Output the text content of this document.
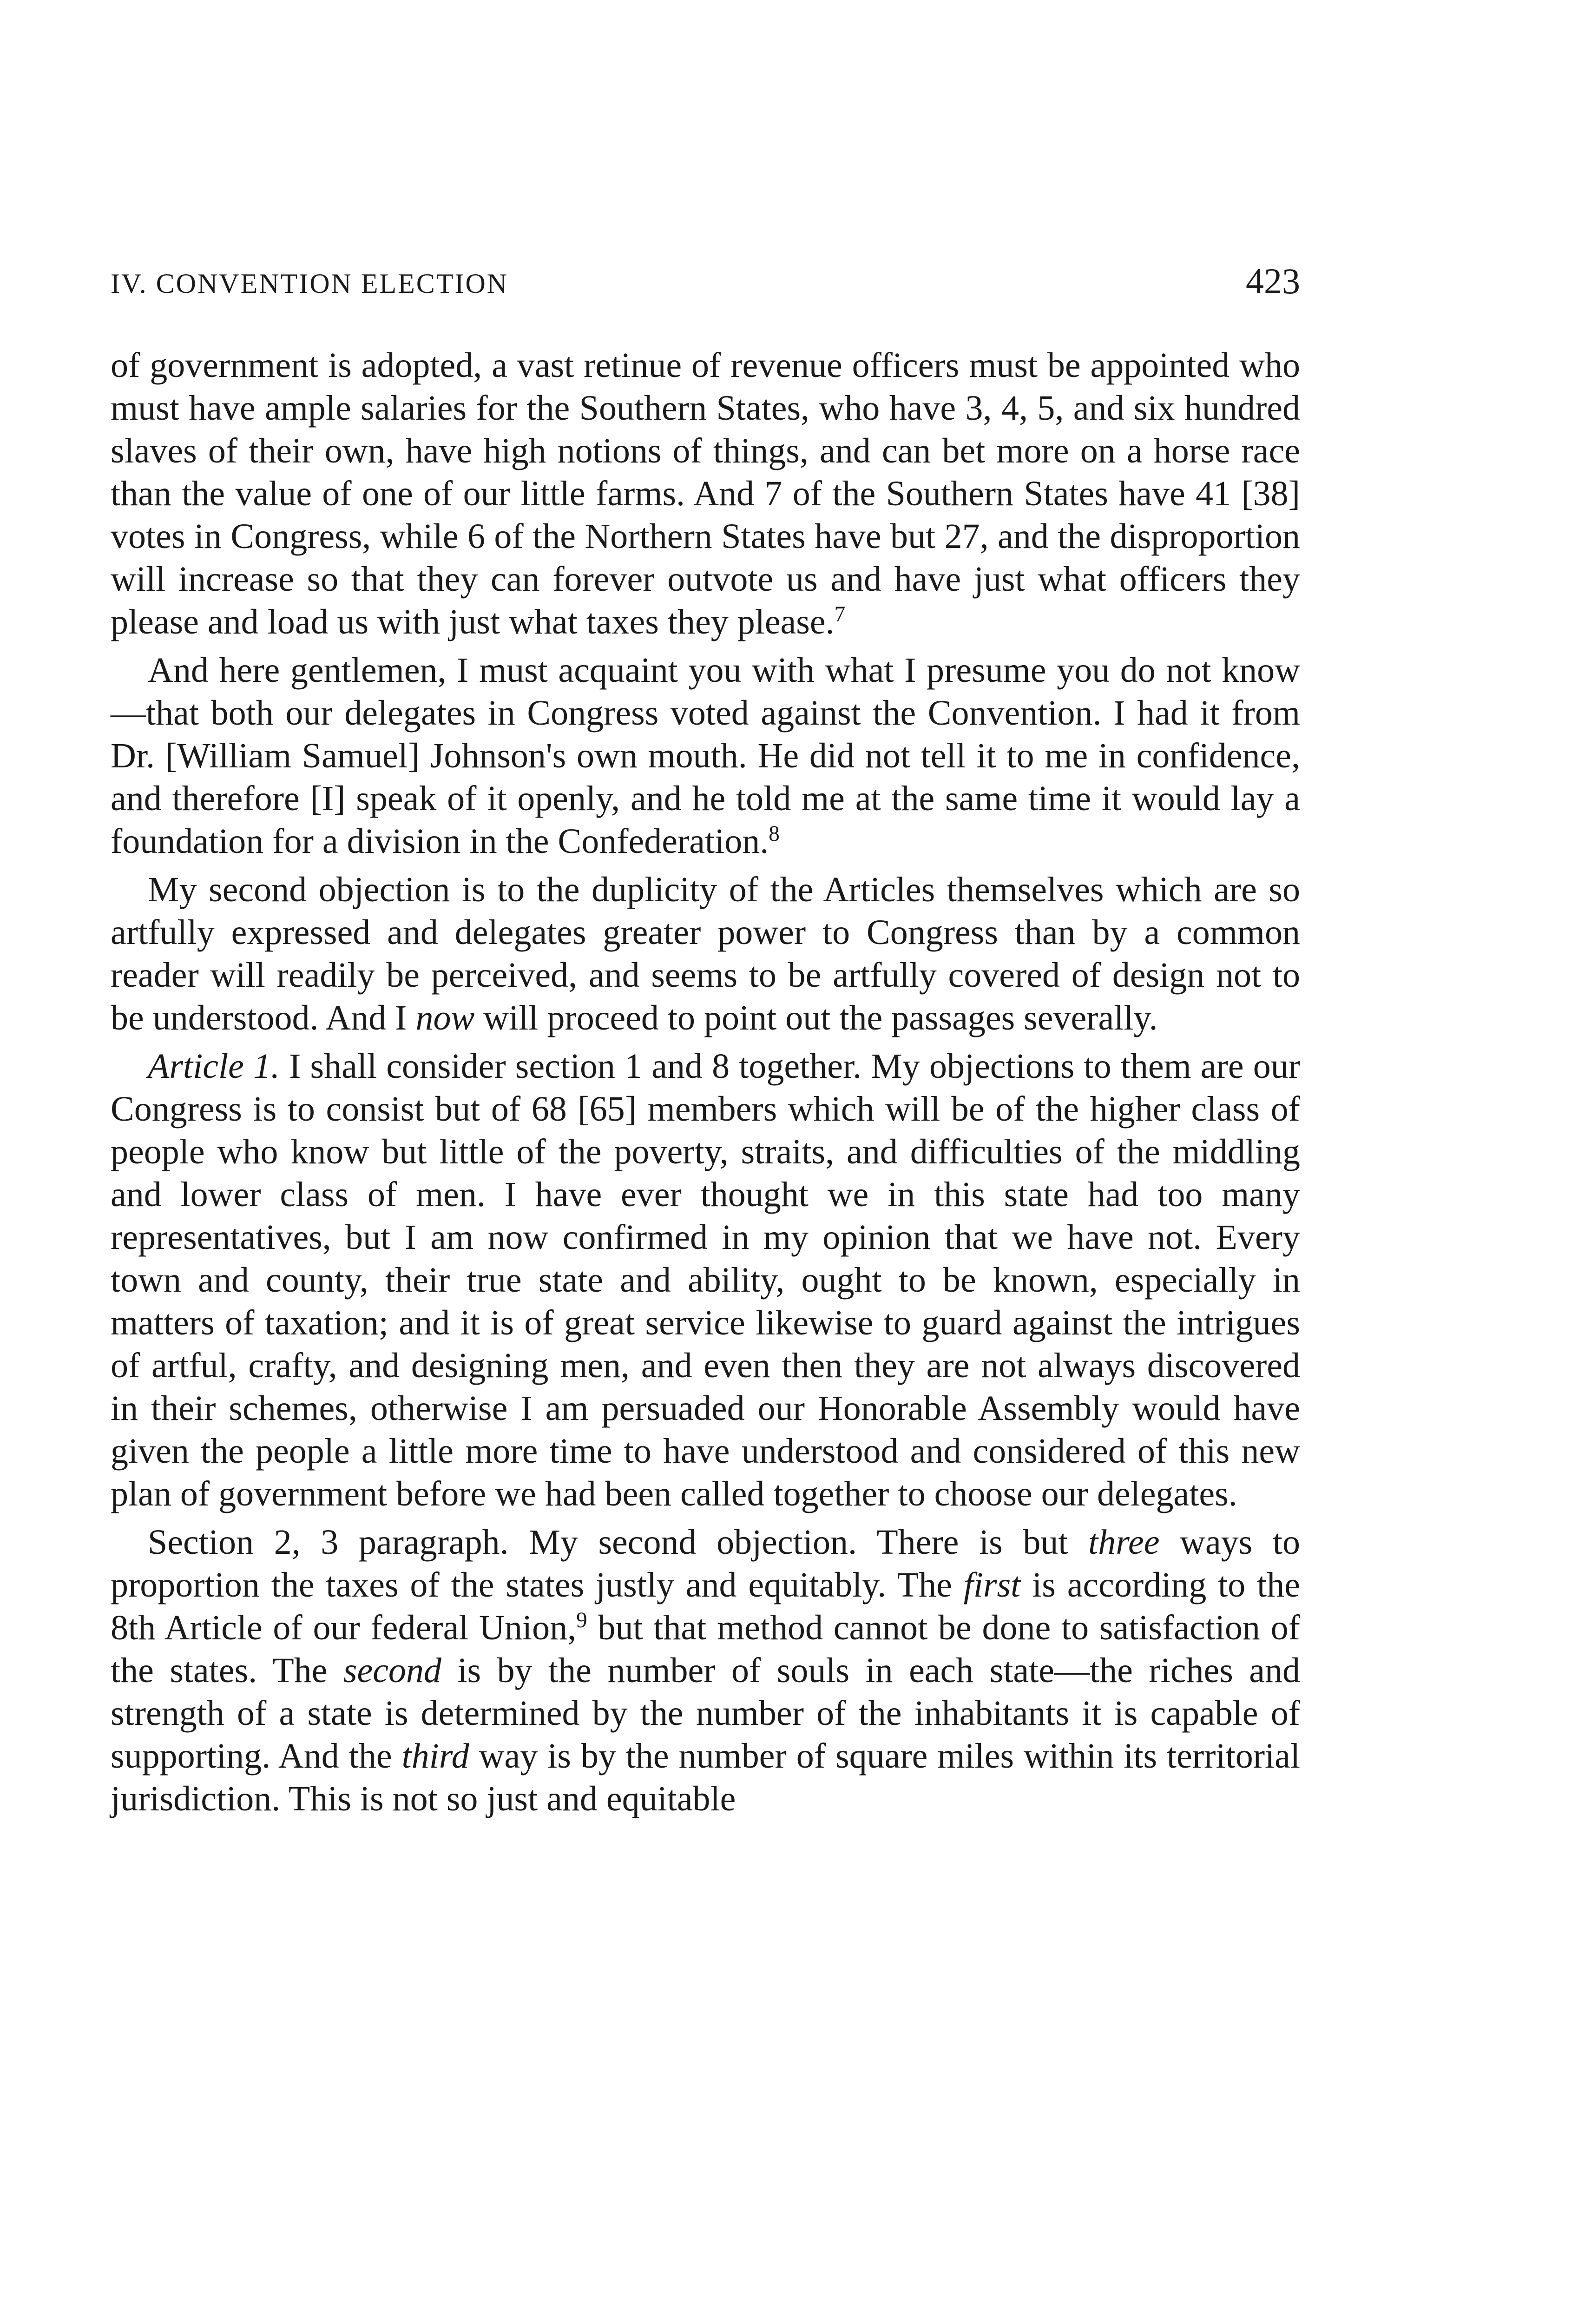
IV. CONVENTION ELECTION	423

of government is adopted, a vast retinue of revenue officers must be appointed who must have ample salaries for the Southern States, who have 3, 4, 5, and six hundred slaves of their own, have high notions of things, and can bet more on a horse race than the value of one of our little farms. And 7 of the Southern States have 41 [38] votes in Congress, while 6 of the Northern States have but 27, and the disproportion will increase so that they can forever outvote us and have just what officers they please and load us with just what taxes they please.$^7$

And here gentlemen, I must acquaint you with what I presume you do not know—that both our delegates in Congress voted against the Convention. I had it from Dr. [William Samuel] Johnson's own mouth. He did not tell it to me in confidence, and therefore [I] speak of it openly, and he told me at the same time it would lay a foundation for a division in the Confederation.$^8$

My second objection is to the duplicity of the Articles themselves which are so artfully expressed and delegates greater power to Congress than by a common reader will readily be perceived, and seems to be artfully covered of design not to be understood. And I now will proceed to point out the passages severally.

Article 1. I shall consider section 1 and 8 together. My objections to them are our Congress is to consist but of 68 [65] members which will be of the higher class of people who know but little of the poverty, straits, and difficulties of the middling and lower class of men. I have ever thought we in this state had too many representatives, but I am now confirmed in my opinion that we have not. Every town and county, their true state and ability, ought to be known, especially in matters of taxation; and it is of great service likewise to guard against the intrigues of artful, crafty, and designing men, and even then they are not always discovered in their schemes, otherwise I am persuaded our Honorable Assembly would have given the people a little more time to have understood and considered of this new plan of government before we had been called together to choose our delegates.

Section 2, 3 paragraph. My second objection. There is but three ways to proportion the taxes of the states justly and equitably. The first is according to the 8th Article of our federal Union,$^9$ but that method cannot be done to satisfaction of the states. The second is by the number of souls in each state—the riches and strength of a state is determined by the number of the inhabitants it is capable of supporting. And the third way is by the number of square miles within its territorial jurisdiction. This is not so just and equitable
